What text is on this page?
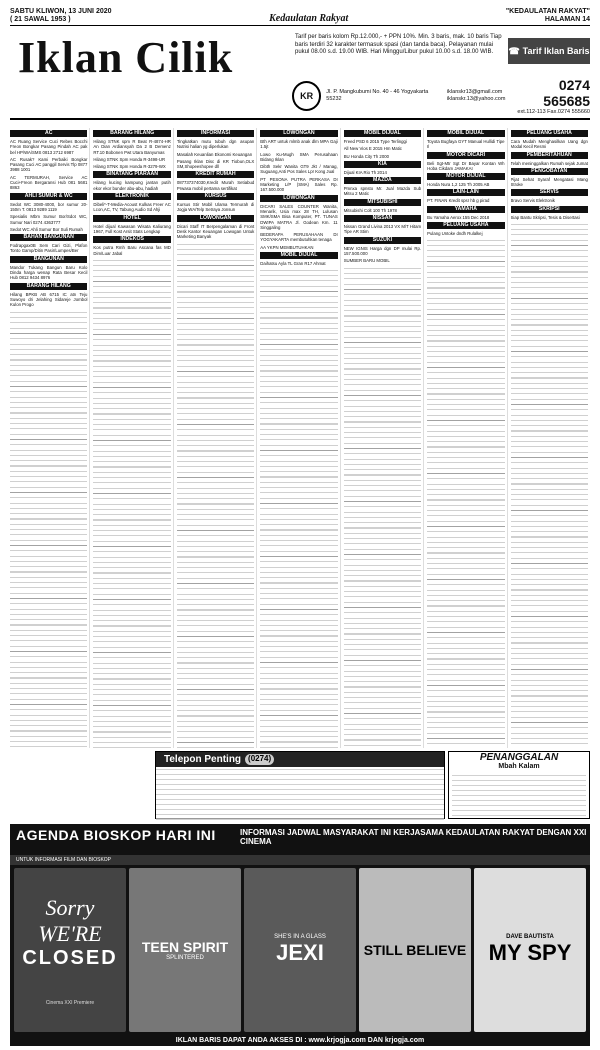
SABTU KLIWON, 13 JUNI 2020
( 21 SAWAL 1953 )	Kedaulatan Rakyat
"KEDAULATAN RAKYAT"
HALAMAN 14
Iklan Cilik	Tarif per baris kolom Rp.12.000,- + PPN 10%. Min. 3 baris, mak. 10 baris Tiap baris terdiri 32 karakter termasuk spasi (dan tanda baca). Pelayanan mulai pukul 08.00 s.d. 19.00 WIB. Hari Minggu/Libur pukul 10.00 s.d. 18.00 WIB.	☎ Tarif Iklan Baris
KR	Jl. P. Mangkubumi No. 40 - 46 Yogyakarta 55232
iklanskr13@gmail.com
iklanskr.13@yahoo.com
0274 565685
ext.112-113 Fax.0274 555660
AC
AC Ruang Service Cuci Rebes Bocchi Freon Bongkar Pasang Pindah AC pak bel HP/WA/SMS 0813 2712 6987
AC Rusak? Kami Perbaiki Bongkar Pasang Cuci AC panggil Servis Tlp 0877 3988 1001
AC TERMURAH, Service AC Cuci+Freon Bergaransi Hub 081 5681 8863
AHLI SUMUR & WC
Sedot WC 3080-4000, bor sumur 20-150m T. 0813 9289 1119
Spesialis Mbm Sumur Bor/Sdot WC, Sumur Nari 0274 4363777
Sedot WC Ahli Sumur Bor Suli Rumah
BAHAN BANGUNAN
Fodrapgax0B Sem Cari Gizi, Plafon Tonto Gamp/Ditin Pasir/Lumpes/Ber
BANGUNAN
Mandor Tukang Bangun Baru Kolo Dinda harga wenap Rata Besar Kecil Hub 0812 9434 8976
BARANG HILANG
Hilang BPKB AB 6715 IC atn Teju Suwoyo dri Jelahing Sidareje Jombol Kulon Progo
BARANG HILANG
Hilang STNK spm R Beat R-4874-HR An Dian Ardiansyah Da 2 B Demenz RT.10 Bobonen Pwt Utara Banyumas
Hilang STNK Spm Honda R-3498-UR
Hilang STNK Spm Honda R-3279-WX
BINATANG PIARAAN
Hilang kucing kampung jantan putih ekor ekor bunder abu-abu, hadiah
ELEKTRONIK
Dibeli*-T-Media-Acoust Kulkas Freer AC Lcon,AC, TV, Tabung Audio Sd Ahji
HOTEL
Hotel dijual Kawasan Wisata Kaliurang 1967, Full Kost Arsit Stats Lengkap
INDEKOS
Kos putra Rmh Baru Ascana fas MD Dim/Luar Jabal
INFORMASI
Tingkatkan mutu tubuh dgn asupan Nutrisi halian yg diperlukan
Masalah Keuanlian Ekonomi Keuangan
Pasang Iklan Disc di KR Tiobun,OLX SM,Shopeeshopee dll
KREDIT RUMAH
087737374030,Kredit Murah Setiabud Prwasa mobil pertama sertifikat
KURSUS
Kursus Stir Mobil Ulama Termurah di Jogja WA/Telp Setraya Jonsun
LOWONGAN
Dicari Staff IT Berpengalaman di Front Desk Kantor Keuangan Lowogan Untuk Marketing Banyak
LOWONGAN
Bth ART untuk mlmb anak dlm MPA Gaji 1.5jt
Lowo Ku-Mugh SMA Perusahaan Bidang Iklan
Dibth Sekr Wanita GT9 Jkt / Manag, Suguang,Anti Pos Sales Lpr Kong Jual
PT PESONA PUTRA PERKASA DI Marketing L/P (SMA) Sales Rp. 167.500.000
LOWONGAN
DICARI SALES COUNTER Wanita, Menarik, Usia max 28 TH, Lulusan SMK/SMA Bisa Komputer, PT. TUNAS DWIPA MATRA Jl. Godean Km. 11 Singgaling
BEDERAPA PERUSAHAAN DI YOGYAKARTA membutuhkan tenaga
AA YKPN MEMBUTUHKAN
MOBIL DIJUAL
Daihatsu Ayla TL Gran R17 Ahmat
MOBIL DIJUAL
Freed PSD 6 2015 Type Terlinggi
All New Vios E 2015 Hm Matic
BU Honda City Th 2000
KIA
Dijual KIA Rio Th 2014
MAZDA
Pmnxa spnsto Mr. Jual Mazda Sub Mitsu 2 Matic
MITSUBISHI
Mitsubishi Colt 100 Th 1978
NISSAN
Nissan Grand Livina 2013 VX M/T Hitam Tipe AR Stim
SUZUKI
NEW IGNIS Harga dgn DP mulai Rp. 157.500.000
SUMBER BARU MOBIL
MOBIL DIJUAL
Toyota Bugfaya GYT Manual Hullidi Tipe Il
MOTOR DICARI
Beli Sgt-Mtr Sgt Dr Bayar Kontan Wh Hoba Cikdam JAMAKAI
MOTOR DIJUAL
Honda Nura 1,2 125 Th 2005 AB
LAIN-LAIN
PT. FINAN Kredit spsr hb g pirad
YAMAHA
Bu Yamaha Aerox 155 Dec 2018
PELUANG USAHA
Pulang Untoke dndh Rulalkej
PELUANG USAHA
Cara Mudah Menghasilkan Uang dgn Modal Kecil Resmi
PEMBERITAHUAN
Telah meninggalkan Rumah sejak Jumat
PENGOBATAN
Pijat Sehat Syaraf Mengatasi Mang Stroke
SERVIS
Bravo Servis Elektronik
SKRIPSI
Siap Bantu Skripsi, Tesis & Disertasi
Telepon Penting (0274)	PENANGGALAN
Mbah Kalam
AGENDA BIOSKOP HARI INI	INFORMASI JADWAL MASYARAKAT INI KERJASAMA KEDAULATAN RAKYAT DENGAN XXI CINEMA
UNTUK INFORMASI FILM DAN BIOSKOP
Sorry WE'RE
CLOSED
Cinema XXI Premiere
TEEN SPIRIT
SPLINTERED
SHE'S IN A GLASS
JEXI	STILL BELIEVE
DAVE BAUTISTA
MY SPY
IKLAN BARIS DAPAT ANDA AKSES DI : www.krjogja.com DAN krjogja.com
